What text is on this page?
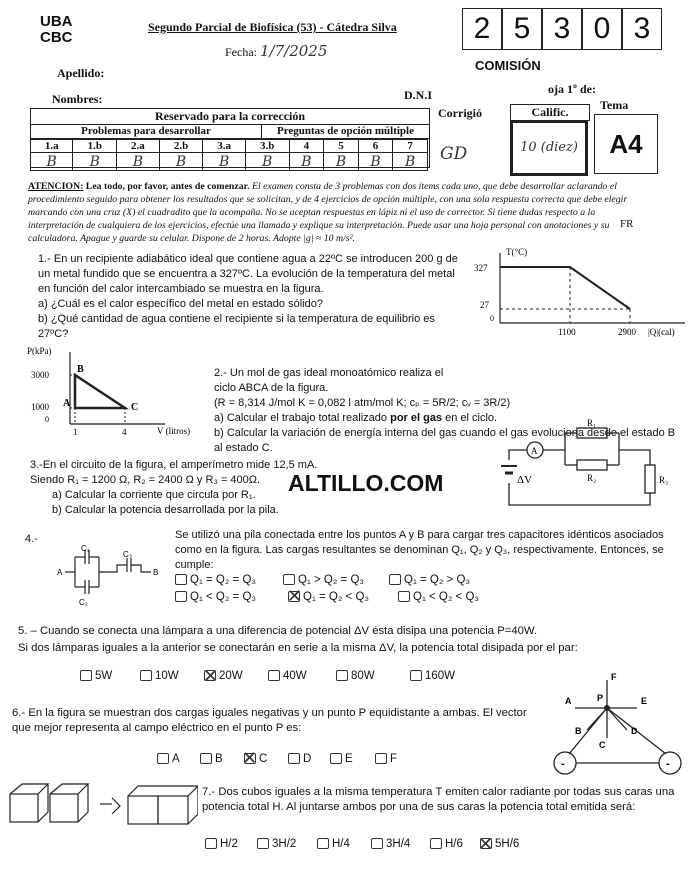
UBA
CBC
Segundo Parcial de Biofísica (53) - Cátedra Silva
Fecha: 1/7/2025
2 5 3 0 3
COMISIÓN
Apellido:
Nombres:	D.N.I	oja 1º de:
Reservado para la corrección
Problemas para desarrollar	Preguntas de opción múltiple
1.a	1.b	2.a	2.b	3.a	3.b	4	5	6	7
B	B	B	B	B	B	B	B	B	B
Corrigió	Calific.	Tema
GD	10 (diez)	A4
ATENCION: Lea todo, por favor, antes de comenzar. El examen consta de 3 problemas con dos ítems cada uno, que debe desarrollar aclarando el procedimiento seguido para obtener los resultados que se solicitan, y de 4 ejercicios de opción múltiple, con una sola respuesta correcta que debe elegir marcando con una cruz (X) el cuadradito que la acompaña. No se aceptan respuestas en lápiz ni el uso de corrector. Si tiene dudas respecto a la interpretación de cualquiera de los ejercicios, efectúe una llamada y explique su interpretación. Puede usar una hoja personal con anotaciones y su calculadora. Apague y guarde su celular. Dispone de 2 horas. Adopte |g| ≈ 10 m/s².
FR
1.- En un recipiente adiabático ideal que contiene agua a 22ºC se introducen 200 g de un metal fundido que se encuentra a 327ºC. La evolución de la temperatura del metal en función del calor intercambiado se muestra en la figura.
a) ¿Cuál es el calor específico del metal en estado sólido?
b) ¿Qué cantidad de agua contiene el recipiente si la temperatura de equilibrio es 27ºC?
T(°C)
327
27
0
1100	2900 |Q|(cal)
P(kPa)
3000
1000
0
1	4	V (litros)
B
A	C
2.- Un mol de gas ideal monoatómico realiza el ciclo ABCA de la figura.
(R = 8,314 J/mol K = 0,082 l atm/mol K; cₚ = 5R/2; cᵥ = 3R/2)
a) Calcular el trabajo total realizado por el gas en el ciclo.
b) Calcular la variación de energía interna del gas cuando el gas evoluciona desde el estado B al estado C.
3.-En el circuito de la figura, el amperímetro mide 12,5 mA.
Siendo R₁ = 1200 Ω, R₂ = 2400 Ω y R₃ = 400Ω.
a) Calcular la corriente que circula por R₁.
b) Calcular la potencia desarrollada por la pila.
ALTILLO.COM
A
R₁
R₂	R₃
ΔV
4.-
A	B
C₁
C₂
C₃
Se utilizó una pila conectada entre los puntos A y B para cargar tres capacitores idénticos asociados como en la figura. Las cargas resultantes se denominan Q₁, Q₂ y Q₃, respectivamente. Entonces, se cumple:
Q₁ = Q₂ = Q₃	Q₁ > Q₂ = Q₃	Q₁ = Q₂ > Q₃
Q₁ < Q₂ = Q₃	Q₁ = Q₂ < Q₃	Q₁ < Q₂ < Q₃
✕
5. – Cuando se conecta una lámpara a una diferencia de potencial ΔV ésta disipa una potencia P=40W.
Si dos lámparas iguales a la anterior se conectarán en serie a la misma ΔV, la potencia total disipada por el par:
5W	10W	20W	40W	80W	160W
✕
6.- En la figura se muestran dos cargas iguales negativas y un punto P equidistante a ambas. El vector que mejor representa al campo eléctrico en el punto P es:
A	B	C	D	E	F
✕	-	-
A	P	E
F
B
C
D
7.- Dos cubos iguales a la misma temperatura T emiten calor radiante por todas sus caras una potencia total H. Al juntarse ambos por una de sus caras la potencia total emitida será:
H/2	3H/2	H/4	3H/4	H/6	5H/6
✕
